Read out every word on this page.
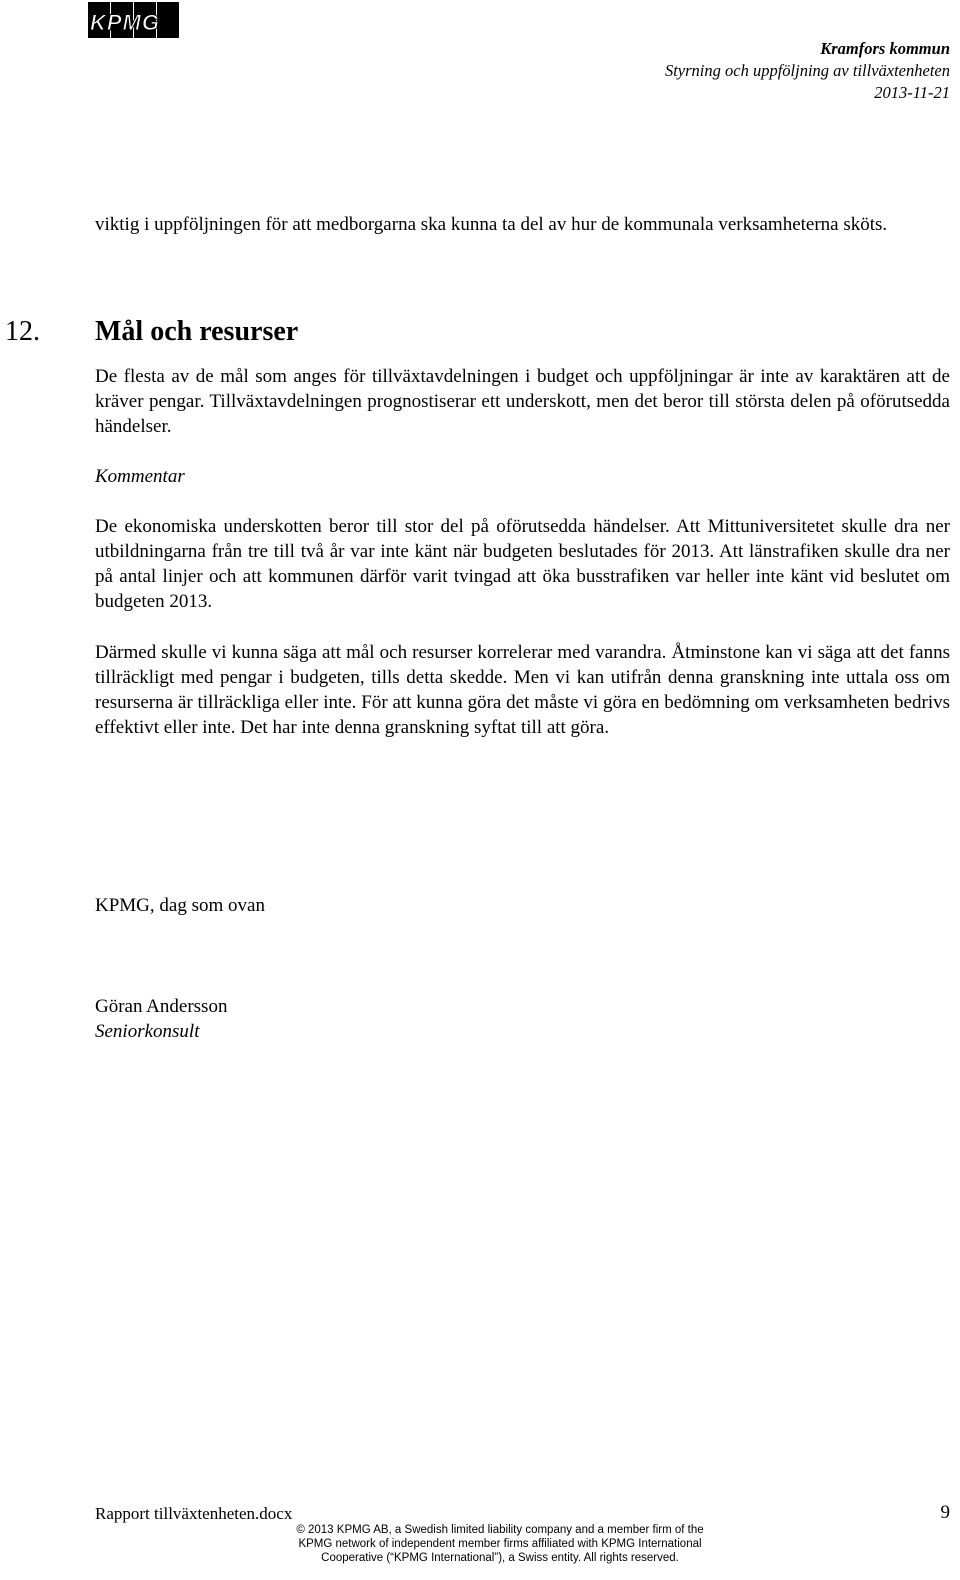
KPMG
Kramfors kommun
Styrning och uppföljning av tillväxtenheten
2013-11-21
viktig i uppföljningen för att medborgarna ska kunna ta del av hur de kommunala verksamheterna sköts.
12. Mål och resurser
De flesta av de mål som anges för tillväxtavdelningen i budget och uppföljningar är inte av karaktären att de kräver pengar. Tillväxtavdelningen prognostiserar ett underskott, men det beror till största delen på oförutsedda händelser.
Kommentar
De ekonomiska underskotten beror till stor del på oförutsedda händelser. Att Mittuniversitetet skulle dra ner utbildningarna från tre till två år var inte känt när budgeten beslutades för 2013. Att länstrafiken skulle dra ner på antal linjer och att kommunen därför varit tvingad att öka busstrafiken var heller inte känt vid beslutet om budgeten 2013.
Därmed skulle vi kunna säga att mål och resurser korrelerar med varandra. Åtminstone kan vi säga att det fanns tillräckligt med pengar i budgeten, tills detta skedde. Men vi kan utifrån denna granskning inte uttala oss om resurserna är tillräckliga eller inte. För att kunna göra det måste vi göra en bedömning om verksamheten bedrivs effektivt eller inte. Det har inte denna granskning syftat till att göra.
KPMG, dag som ovan
Göran Andersson
Seniorkonsult
Rapport tillväxtenheten.docx	9
© 2013 KPMG AB, a Swedish limited liability company and a member firm of the
KPMG network of independent member firms affiliated with KPMG International
Cooperative (“KPMG International”), a Swiss entity. All rights reserved.
